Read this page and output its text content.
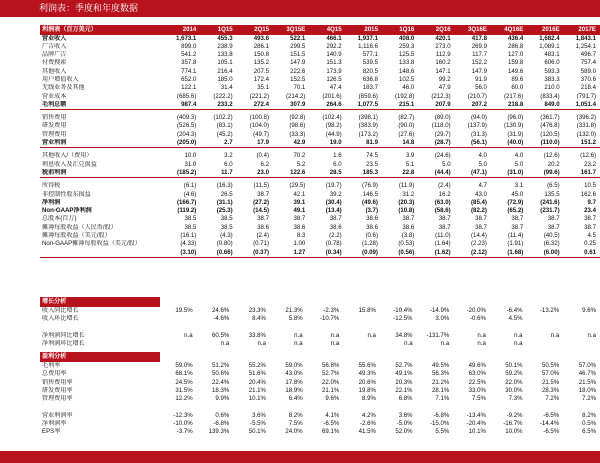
利润表：季度和年度数据
利润表（百万美元）	2014	1Q15	2Q15	3Q15E	4Q15	2015	1Q16	2Q16	3Q16E	4Q16E	2016E	2017E
营业收入	1,673.1	455.3	493.6	522.1	466.1	1,937.1	408.0	420.1	417.8	436.4	1,682.4	1,843.1
广告收入	899.0	238.9	286.1	299.5	292.2	1,116.6	259.3	273.0	269.9	286.8	1,089.1	1,254.1
品牌广告	541.2	133.8	150.8	151.5	140.9	577.1	125.5	112.9	117.7	127.0	483.1	496.7
付费搜索	357.8	105.1	135.2	147.9	151.3	539.5	133.8	160.2	152.2	159.8	606.0	757.4
其他收入	774.1	216.4	207.5	222.6	173.9	820.5	148.6	147.1	147.9	149.6	593.3	589.0
用户增值收入	652.0	185.0	172.4	152.5	126.5	636.8	102.5	99.2	91.9	89.6	383.3	370.6
无线业务及其他	122.1	31.4	35.1	70.1	47.4	183.7	46.0	47.9	56.0	60.0	210.0	218.4
营业成本	(685.6)	(222.2)	(221.2)	(214.2)	(201.6)	(859.6)	(192.8)	(212.3)	(210.7)	(217.6)	(833.4)	(791.7)
毛利总额	987.4	233.2	272.4	307.9	264.6	1,077.5	215.1	207.9	207.2	218.8	849.0	1,051.4

销售费用	(409.3)	(102.2)	(100.8)	(92.8)	(102.4)	(398.1)	(82.7)	(89.0)	(94.0)	(96.0)	(361.7)	(396.2)
研发费用	(526.5)	(83.1)	(104.0)	(98.6)	(98.2)	(383.9)	(90.0)	(118.0)	(137.9)	(130.9)	(476.8)	(331.8)
管理费用	(204.3)	(45.2)	(49.7)	(33.3)	(44.9)	(173.2)	(27.6)	(29.7)	(31.3)	(31.9)	(120.5)	(132.0)
营业利润	(205.0)	2.7	17.9	42.9	19.0	81.9	14.8	(28.7)	(56.1)	(40.0)	(110.0)	151.2

其他收入/（费用）	10.0	3.2	(0.4)	70.2	1.6	74.5	3.9	(24.6)	4.0	4.0	(12.6)	(12.6)
利息收入及汇兑损益	31.0	6.0	6.2	5.2	6.0	23.5	5.1	5.0	5.0	5.0	20.2	23.2
税前利润	(185.2)	11.7	23.0	122.6	28.5	185.3	22.8	(44.4)	(47.1)	(31.0)	(99.6)	161.7

所得税	(6.1)	(16.3)	(11.5)	(29.5)	(19.7)	(76.9)	(11.9)	(2.4)	4.7	3.1	(6.5)	10.5
非控制性股东损益	(4.6)	26.5	38.7	42.1	39.2	146.5	31.2	16.2	43.0	45.0	135.5	162.6
净利润	(166.7)	(31.1)	(27.2)	39.1	(30.4)	(49.6)	(20.3)	(63.0)	(85.4)	(72.9)	(241.6)	9.7
Non-GAAP净利润	(119.2)	(25.3)	(14.5)	49.1	(13.4)	(3.7)	(10.8)	(58.6)	(82.2)	(65.2)	(231.7)	23.4
总股本(百万)	38.5	38.5	38.7	38.7	38.7	38.6	38.7	38.7	38.7	38.7	38.7	38.7
摊薄每股收益（人民币/股）	38.5	38.5	38.6	38.6	38.6	38.6	38.6	38.7	38.7	38.7	38.7	38.7
摊薄每股收益（美元/股）	(16.1)	(4.3)	(2.4)	8.3	(2.2)	(0.6)	(3.8)	(11.0)	(14.4)	(11.4)	(40.5)	4.5
Non-GAAP摊薄每股收益（美元/股）	(4.33)	(0.80)	(0.71)	1.00	(0.78)	(1.28)	(0.53)	(1.64)	(2.23)	(1.91)	(6.32)	0.25
	(3.10)	(0.66)	(0.37)	1.27	(0.34)	(0.09)	(0.56)	(1.62)	(2.12)	(1.68)	(6.00)	0.61
增长分析												
收入同比增长	19.5%	24.6%	23.3%	21.3%	-2.3%	15.8%	-10.4%	-14.9%	-20.0%	-6.4%	-13.2%	9.6%
收入环比增长		-4.6%	8.4%	5.8%	-10.7%		-12.5%	3.0%	-0.6%	4.5%		

净利润同比增长	n.a	60.5%	33.8%	n.a	n.a	n.a	34.8%	-131.7%	n.a	n.a	n.a	n.a
净利润环比增长		n.a	n.a	n.a	n.a		n.a	n.a	n.a	n.a		
盈利分析												
毛利率	59.0%	51.2%	55.2%	59.0%	56.8%	55.6%	52.7%	49.5%	49.6%	50.1%	50.5%	57.0%
总费用率	68.1%	50.6%	51.6%	43.0%	52.7%	49.3%	49.1%	56.3%	63.0%	59.2%	57.0%	46.7%
销售费用率	24.5%	22.4%	20.4%	17.8%	22.0%	20.6%	20.3%	21.2%	22.5%	22.0%	21.5%	21.5%
研发费用率	31.5%	18.3%	21.1%	18.9%	21.1%	19.8%	22.1%	28.1%	33.0%	30.0%	28.3%	18.0%
管理费用率	12.2%	9.9%	10.1%	6.4%	9.6%	8.9%	6.8%	7.1%	7.5%	7.3%	7.2%	7.2%

营业利润率	-12.3%	0.6%	3.6%	8.2%	4.1%	4.2%	3.6%	-6.8%	-13.4%	-9.2%	-6.5%	8.2%
净利润率	-10.0%	-6.8%	-5.5%	7.5%	-6.5%	-2.6%	-5.0%	-15.0%	-20.4%	-16.7%	-14.4%	0.5%
EPS率	-3.7%	139.3%	50.1%	24.0%	69.1%	41.5%	52.0%	5.5%	10.1%	10.0%	-6.5%	6.5%
